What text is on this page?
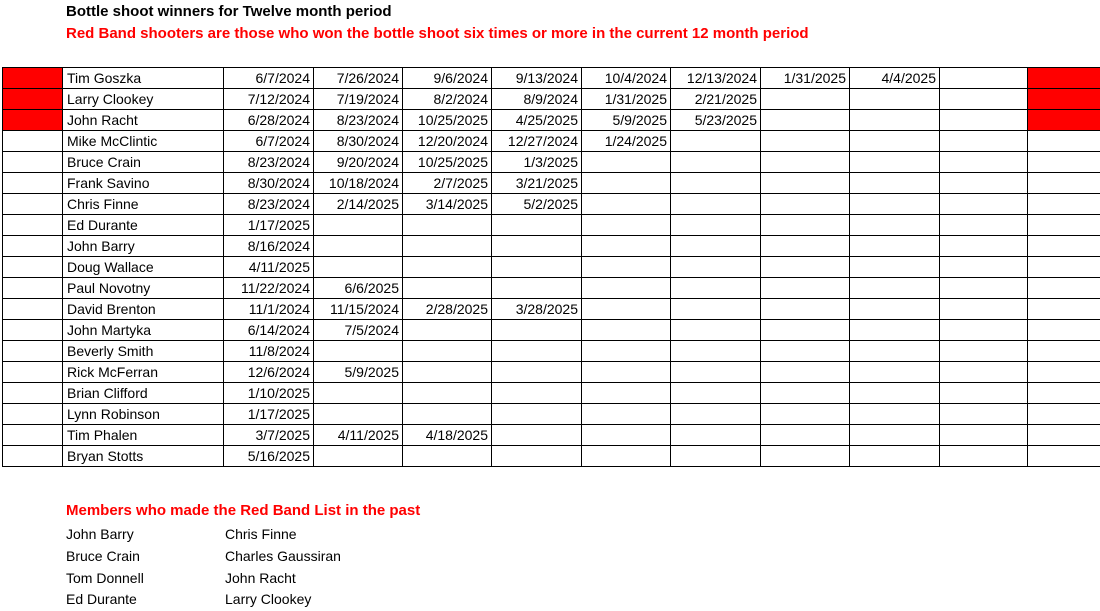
Bottle shoot winners for Twelve month period
Red Band shooters are those who won the bottle shoot six times or more in the current 12 month period
	Tim Goszka	6/7/2024	7/26/2024	9/6/2024	9/13/2024	10/4/2024	12/13/2024	1/31/2025	4/4/2025		
	Larry Clookey	7/12/2024	7/19/2024	8/2/2024	8/9/2024	1/31/2025	2/21/2025				
	John Racht	6/28/2024	8/23/2024	10/25/2025	4/25/2025	5/9/2025	5/23/2025				
	Mike McClintic	6/7/2024	8/30/2024	12/20/2024	12/27/2024	1/24/2025					
	Bruce Crain	8/23/2024	9/20/2024	10/25/2025	1/3/2025						
	Frank Savino	8/30/2024	10/18/2024	2/7/2025	3/21/2025						
	Chris Finne	8/23/2024	2/14/2025	3/14/2025	5/2/2025						
	Ed Durante	1/17/2025									
	John Barry	8/16/2024									
	Doug Wallace	4/11/2025									
	Paul Novotny	11/22/2024	6/6/2025								
	David Brenton	11/1/2024	11/15/2024	2/28/2025	3/28/2025						
	John Martyka	6/14/2024	7/5/2024								
	Beverly Smith	11/8/2024									
	Rick McFerran	12/6/2024	5/9/2025								
	Brian Clifford	1/10/2025									
	Lynn Robinson	1/17/2025									
	Tim Phalen	3/7/2025	4/11/2025	4/18/2025							
	Bryan Stotts	5/16/2025									
Members who made the Red Band List in the past
John Barry	Chris Finne
Bruce Crain	Charles Gaussiran
Tom Donnell	John Racht
Ed Durante	Larry Clookey
